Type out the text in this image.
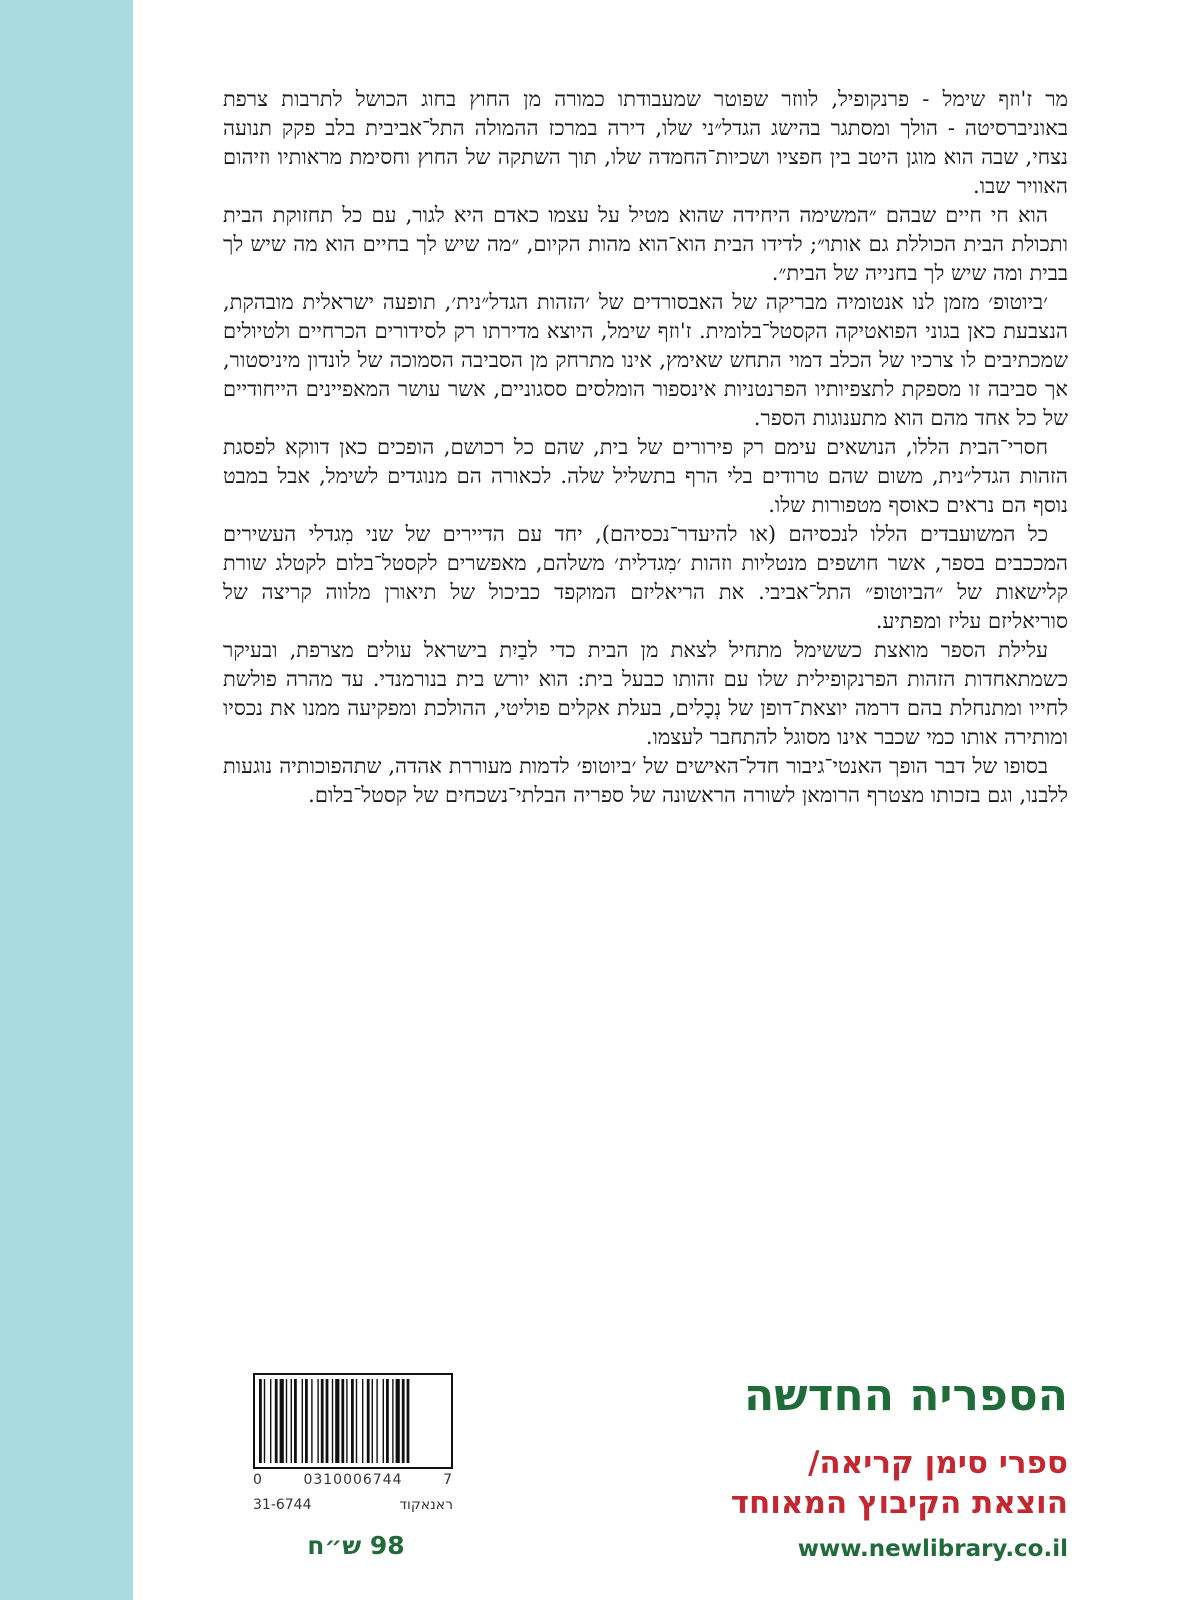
מר ז'וזף שימל - פרנקופיל, לווזר שפוטר שמעבודתו כמורה מן החוץ בחוג הכושל לתרבות צרפת באוניברסיטה - הולך ומסתגר בהישג הגדל״ני שלו, דירה במרכז ההמולה התל־אביבית בלב פקק תנועה נצחי, שבה הוא מוגן היטב בין חפציו ושכיות־החמדה שלו, תוך השתקה של החוץ וחסימת מראותיו וזיהום האוויר שבו.

הוא חי חיים שבהם ״המשימה היחידה שהוא מטיל על עצמו כאדם היא לגור, עם כל תחזוקת הבית ותכולת הבית הכוללת גם אותו״; לדידו הבית הוא־הוא מהות הקיום, ״מה שיש לך בחיים הוא מה שיש לך בבית ומה שיש לך בחנייה של הבית״.

׳ביוטופ׳ מזמן לנו אנטומיה מבריקה של האבסורדים של ׳הזהות הגדל״נית׳, תופעה ישראלית מובהקת, הנצבעת כאן בגוני הפואטיקה הקסטל־בלומית. ז'וזף שימל, היוצא מדירתו רק לסידורים הכרחיים ולטיולים שמכתיבים לו צרכיו של הכלב דמוי התחש שאימץ, אינו מתרחק מן הסביבה הסמוכה של לונדון מיניסטור, אך סביבה זו מספקת לתצפיותיו הפרנטניות אינספור הומלסים ססגוניים, אשר עושר המאפיינים הייחודיים של כל אחד מהם הוא מתענוגות הספר.

חסרי־הבית הללו, הנושאים עימם רק פירורים של בית, שהם כל רכושם, הופכים כאן דווקא לפסגת הזהות הגדל״נית, משום שהם טרודים בלי הרף בתשליל שלה. לכאורה הם מנוגדים לשימל, אבל במבט נוסף הם נראים כאוסף מטפורות שלו.

כל המשועבדים הללו לנכסיהם (או להיעדר־נכסיהם), יחד עם הדיירים של שני מִגדלי העשירים המככבים בספר, אשר חושפים מנטליות וזהות ׳מִגדלית׳ משלהם, מאפשרים לקסטל־בלום לקטלג שורת קלישאות של ״הביוטופ״ התל־אביבי. את הריאליזם המוקפד כביכול של תיאורן מלווה קריצה של סוריאליזם עליז ומפתיע.

עלילת הספר מואצת כששימל מתחיל לצאת מן הבית כדי לבַיִת בישראל עולים מצרפת, ובעיקר כשמתאחדות הזהות הפרנקופילית שלו עם זהותו כבעל בית: הוא יורש בית בנורמנדי. עד מהרה פולשת לחייו ומתנחלת בהם דרמה יוצאת־דופן של נְכָלים, בעלת אקלים פוליטי, ההולכת ומפקיעה ממנו את נכסיו ומותירה אותו כמי שכבר אינו מסוגל להתחבר לעצמו.

בסופו של דבר הופך האנטי־גיבור חדל־האישים של ׳ביוטופ׳ לדמות מעוררת אהדה, שתהפוכותיה נוגעות ללבנו, וגם בזכותו מצטרף הרומאן לשורה הראשונה של ספריה הבלתי־נשכחים של קסטל־בלום.

0	0310006744	7
31-6744	ראנאקוד
98 ש״ח
הספריה החדשה
ספרי סימן קריאה/
הוצאת הקיבוץ המאוחד
www.newlibrary.co.il
